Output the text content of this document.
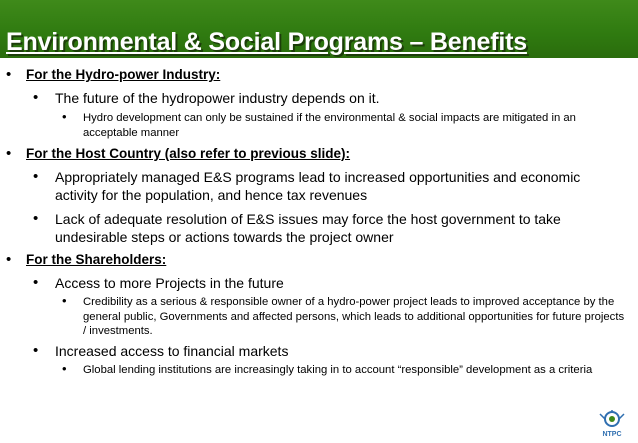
Environmental & Social Programs – Benefits
• For the Hydro-power Industry:
• The future of the hydropower industry depends on it.
• Hydro development can only be sustained if the environmental & social impacts are mitigated in an acceptable manner
• For the Host Country (also refer to previous slide):
• Appropriately managed E&S programs lead to increased opportunities and economic activity for the population, and hence tax revenues
• Lack of adequate resolution of E&S issues may force the host government to take undesirable steps or actions towards the project owner
• For the Shareholders:
• Access to more Projects in the future
• Credibility as a serious & responsible owner of a hydro-power project leads to improved acceptance by the general public, Governments and affected persons, which leads to additional opportunities for future projects / investments.
• Increased access to financial markets
• Global lending institutions are increasingly taking in to account “responsible” development as a criteria
NTPC
